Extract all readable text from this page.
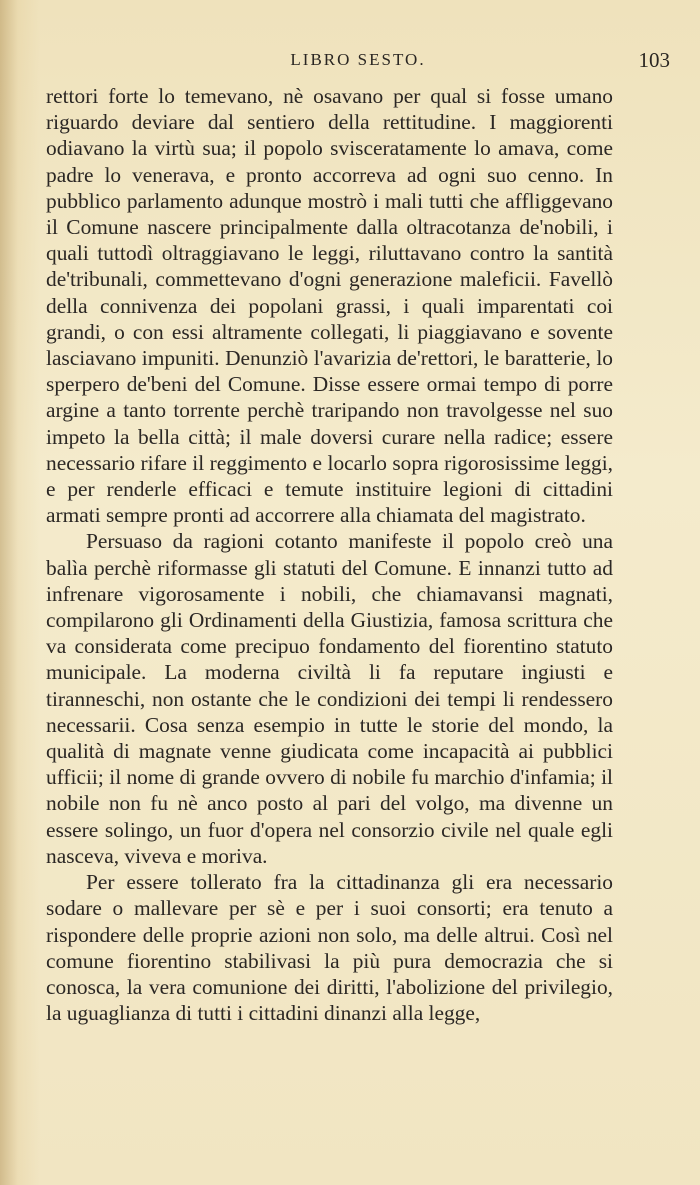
LIBRO SESTO.	103

rettori forte lo temevano, nè osavano per qual si fosse umano riguardo deviare dal sentiero della rettitudine. I maggiorenti odiavano la virtù sua; il popolo svisceratamente lo amava, come padre lo venerava, e pronto accorreva ad ogni suo cenno. In pubblico parlamento adunque mostrò i mali tutti che affliggevano il Comune nascere principalmente dalla oltracotanza de'nobili, i quali tuttodì oltraggiavano le leggi, riluttavano contro la santità de'tribunali, commettevano d'ogni generazione maleficii. Favellò della connivenza dei popolani grassi, i quali imparentati coi grandi, o con essi altramente collegati, li piaggiavano e sovente lasciavano impuniti. Denunziò l'avarizia de'rettori, le baratterie, lo sperpero de'beni del Comune. Disse essere ormai tempo di porre argine a tanto torrente perchè traripando non travolgesse nel suo impeto la bella città; il male doversi curare nella radice; essere necessario rifare il reggimento e locarlo sopra rigorosissime leggi, e per renderle efficaci e temute instituire legioni di cittadini armati sempre pronti ad accorrere alla chiamata del magistrato.

Persuaso da ragioni cotanto manifeste il popolo creò una balìa perchè riformasse gli statuti del Comune. E innanzi tutto ad infrenare vigorosamente i nobili, che chiamavansi magnati, compilarono gli Ordinamenti della Giustizia, famosa scrittura che va considerata come precipuo fondamento del fiorentino statuto municipale. La moderna civiltà li fa reputare ingiusti e tiranneschi, non ostante che le condizioni dei tempi li rendessero necessarii. Cosa senza esempio in tutte le storie del mondo, la qualità di magnate venne giudicata come incapacità ai pubblici ufficii; il nome di grande ovvero di nobile fu marchio d'infamia; il nobile non fu nè anco posto al pari del volgo, ma divenne un essere solingo, un fuor d'opera nel consorzio civile nel quale egli nasceva, viveva e moriva.

Per essere tollerato fra la cittadinanza gli era necessario sodare o mallevare per sè e per i suoi consorti; era tenuto a rispondere delle proprie azioni non solo, ma delle altrui. Così nel comune fiorentino stabilivasi la più pura democrazia che si conosca, la vera comunione dei diritti, l'abolizione del privilegio, la uguaglianza di tutti i cittadini dinanzi alla legge,
